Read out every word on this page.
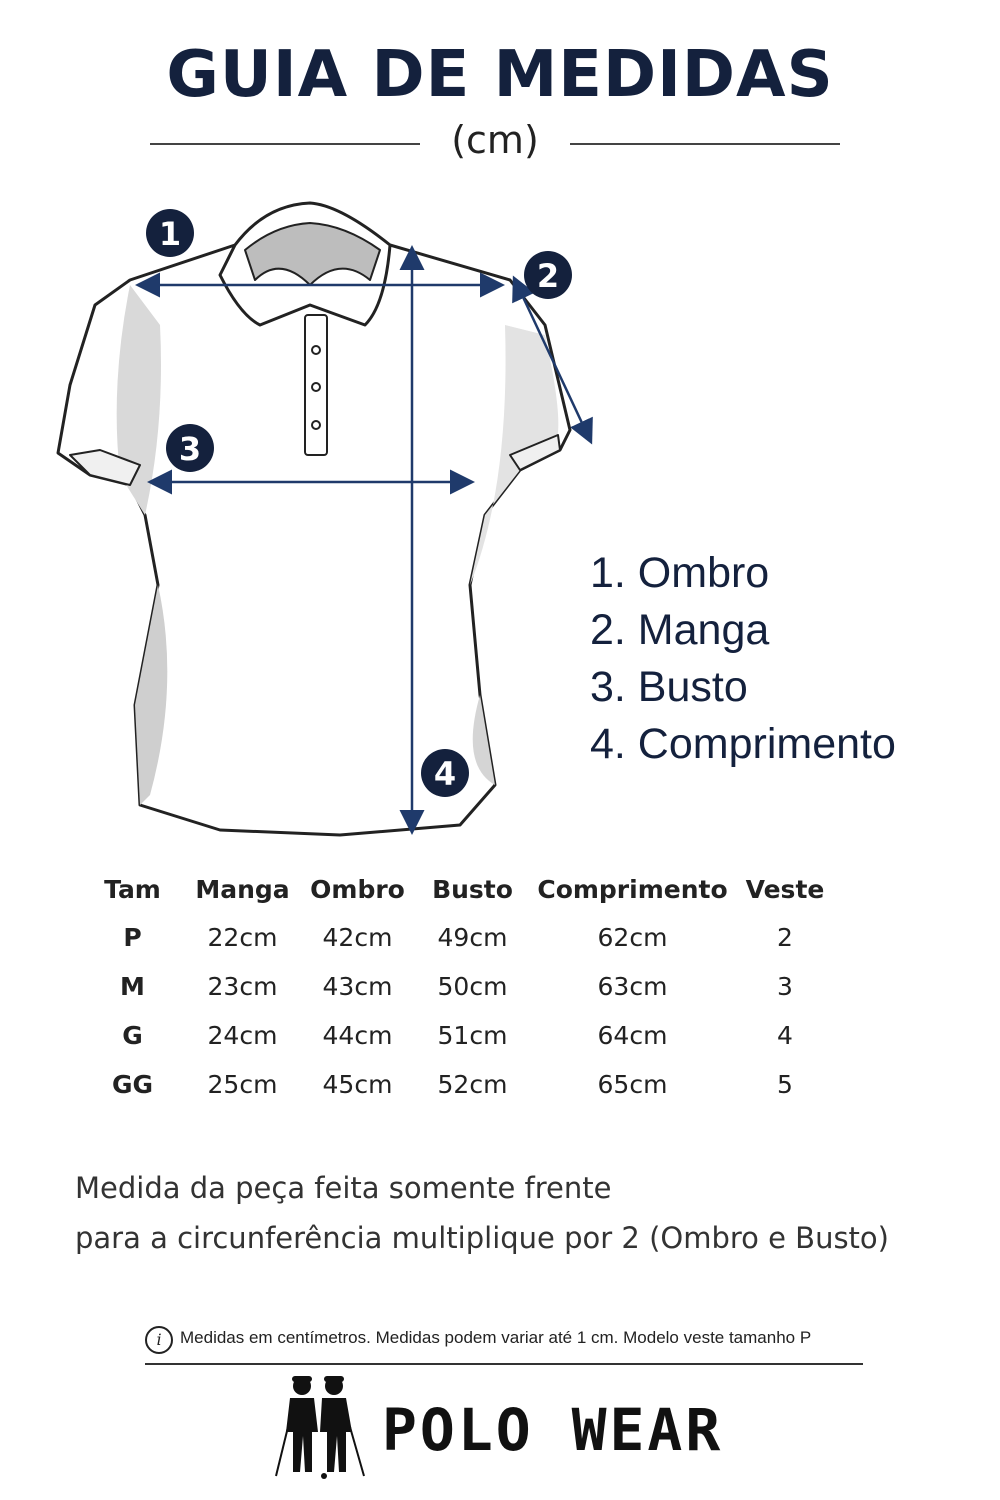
GUIA DE MEDIDAS
(cm)
1
2
3
4
1. Ombro
2. Manga
3. Busto
4. Comprimento
Tam	Manga	Ombro	Busto	Comprimento	Veste
P	22cm	42cm	49cm	62cm	2
M	23cm	43cm	50cm	63cm	3
G	24cm	44cm	51cm	64cm	4
GG	25cm	45cm	52cm	65cm	5
Medida da peça feita somente frente
para a circunferência multiplique por 2 (Ombro e Busto)
i	Medidas em centímetros. Medidas podem variar até 1 cm. Modelo veste tamanho P
POLO WEAR
